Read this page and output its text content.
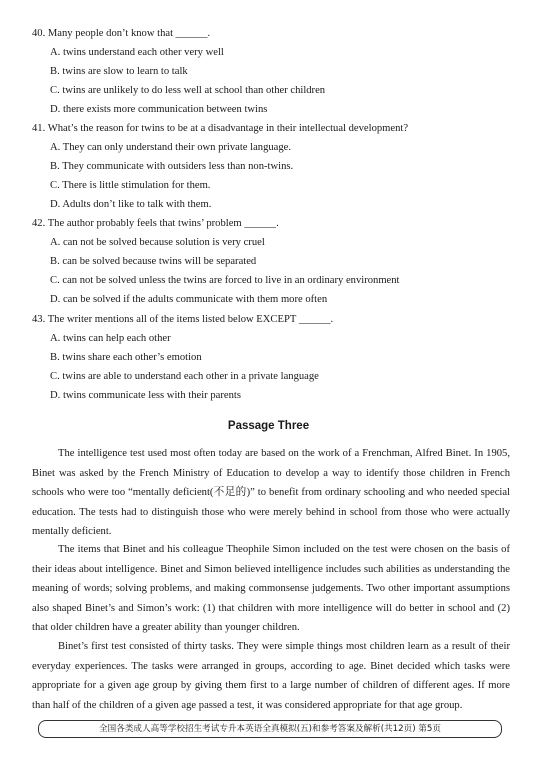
40. Many people don’t know that ______.
A. twins understand each other very well
B. twins are slow to learn to talk
C. twins are unlikely to do less well at school than other children
D. there exists more communication between twins
41. What’s the reason for twins to be at a disadvantage in their intellectual development?
A. They can only understand their own private language.
B. They communicate with outsiders less than non-twins.
C. There is little stimulation for them.
D. Adults don’t like to talk with them.
42. The author probably feels that twins’ problem ______.
A. can not be solved because solution is very cruel
B. can be solved because twins will be separated
C. can not be solved unless the twins are forced to live in an ordinary environment
D. can be solved if the adults communicate with them more often
43. The writer mentions all of the items listed below EXCEPT ______.
A. twins can help each other
B. twins share each other’s emotion
C. twins are able to understand each other in a private language
D. twins communicate less with their parents
Passage Three

The intelligence test used most often today are based on the work of a Frenchman, Alfred Binet. In 1905, Binet was asked by the French Ministry of Education to develop a way to identify those children in French schools who were too “mentally deficient(不足的)” to benefit from ordinary schooling and who needed special education. The tests had to distinguish those who were merely behind in school from those who were actually mentally deficient.

The items that Binet and his colleague Theophile Simon included on the test were chosen on the basis of their ideas about intelligence. Binet and Simon believed intelligence includes such abilities as understanding the meaning of words; solving problems, and making commonsense judgements. Two other important assumptions also shaped Binet’s and Simon’s work: (1) that children with more intelligence will do better in school and (2) that older children have a greater ability than younger children.

Binet’s first test consisted of thirty tasks. They were simple things most children learn as a result of their everyday experiences. The tasks were arranged in groups, according to age. Binet decided which tasks were appropriate for a given age group by giving them first to a large number of children of different ages. If more than half of the children of a given age passed a test, it was considered appropriate for that age group.

全国各类成人高等学校招生考试专升本英语全真模拟(五)和参考答案及解析(共12页) 第5页
